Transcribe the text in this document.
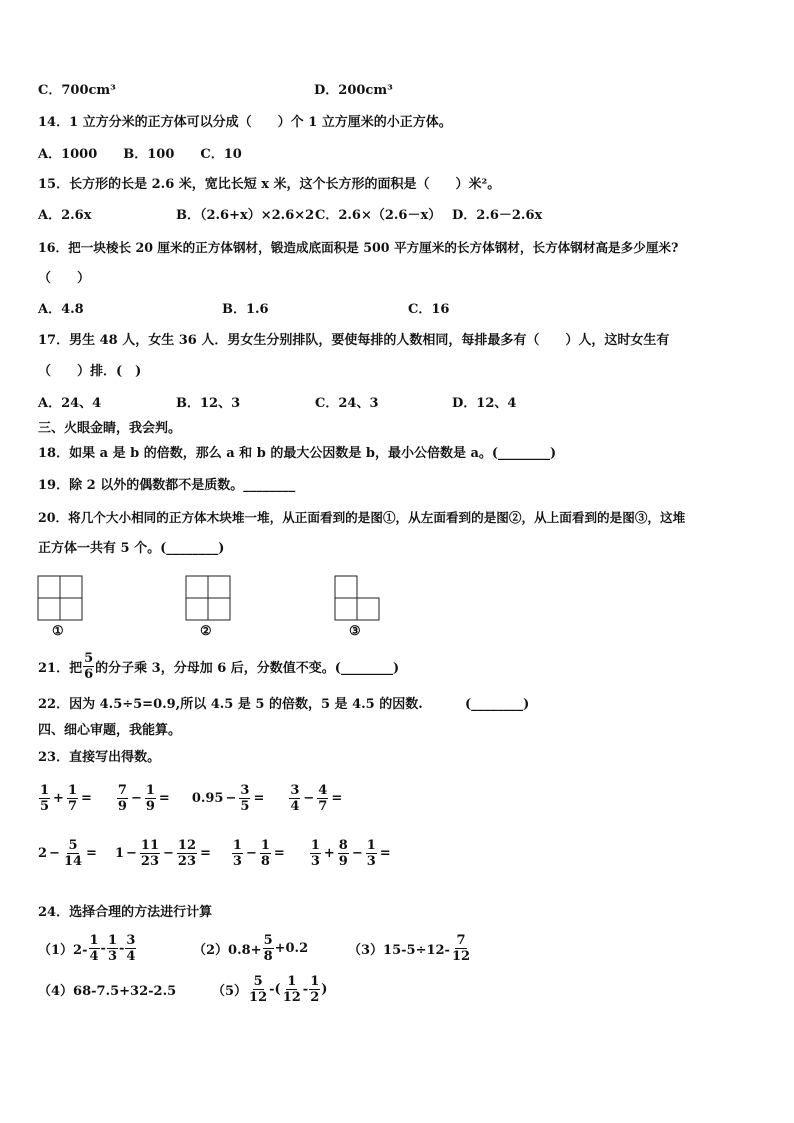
C．700cm³	D．200cm³
14．1 立方分米的正方体可以分成（　　）个 1 立方厘米的小正方体。
A．1000　　B．100　　C．10
15．长方形的长是 2.6 米，宽比长短 x 米，这个长方形的面积是（　　）米²。
A．2.6x	B．（2.6+x）×2.6×2 C．2.6×（2.6－x） D．2.6－2.6x
16．把一块棱长 20 厘米的正方体钢材，锻造成底面积是 500 平方厘米的长方体钢材，长方体钢材高是多少厘米?
（　　）
A．4.8	B．1.6	C．16
17．男生 48 人，女生 36 人．男女生分别排队，要使每排的人数相同，每排最多有（　　）人，这时女生有
（　　）排．(　)
A．24、4	B．12、3	C．24、3	D．12、4
三、火眼金睛，我会判。
18．如果 a 是 b 的倍数，那么 a 和 b 的最大公因数是 b，最小公倍数是 a。(________)
19．除 2 以外的偶数都不是质数。________
20．将几个大小相同的正方体木块堆一堆，从正面看到的是图①，从左面看到的是图②，从上面看到的是图③，这堆
正方体一共有 5 个。(________)
①	②	③
21．把 $\frac{5}{6}$ 的分子乘 3，分母加 6 后，分数值不变。(________)
22．因为 4.5÷5=0.9,所以 4.5 是 5 的倍数，5 是 4.5 的因数.	(________)
四、细心审题，我能算。
23．直接写出得数。
$\frac{1}{5} + \frac{1}{7} = \frac{7}{9} - \frac{1}{9} = 0.95 - \frac{3}{5} = \frac{3}{4} - \frac{4}{7}$ =
$2 - \frac{5}{14} = 1 - \frac{11}{23} - \frac{12}{23} = \frac{1}{3} - \frac{1}{8} = \frac{1}{3} + \frac{8}{9} - \frac{1}{3}$ =
24．选择合理的方法进行计算
$(1)2- \frac{1}{4} - \frac{1}{3} - \frac{3}{4}$	$(2)0.8+ \frac{5}{8} +0.2$	$(3)15-5\div 12- \frac{7}{12}$
（4）68-7.5+32-2.5	$(5) \frac{5}{12}$ -( $\frac{1}{12} - \frac{1}{2}$ )
